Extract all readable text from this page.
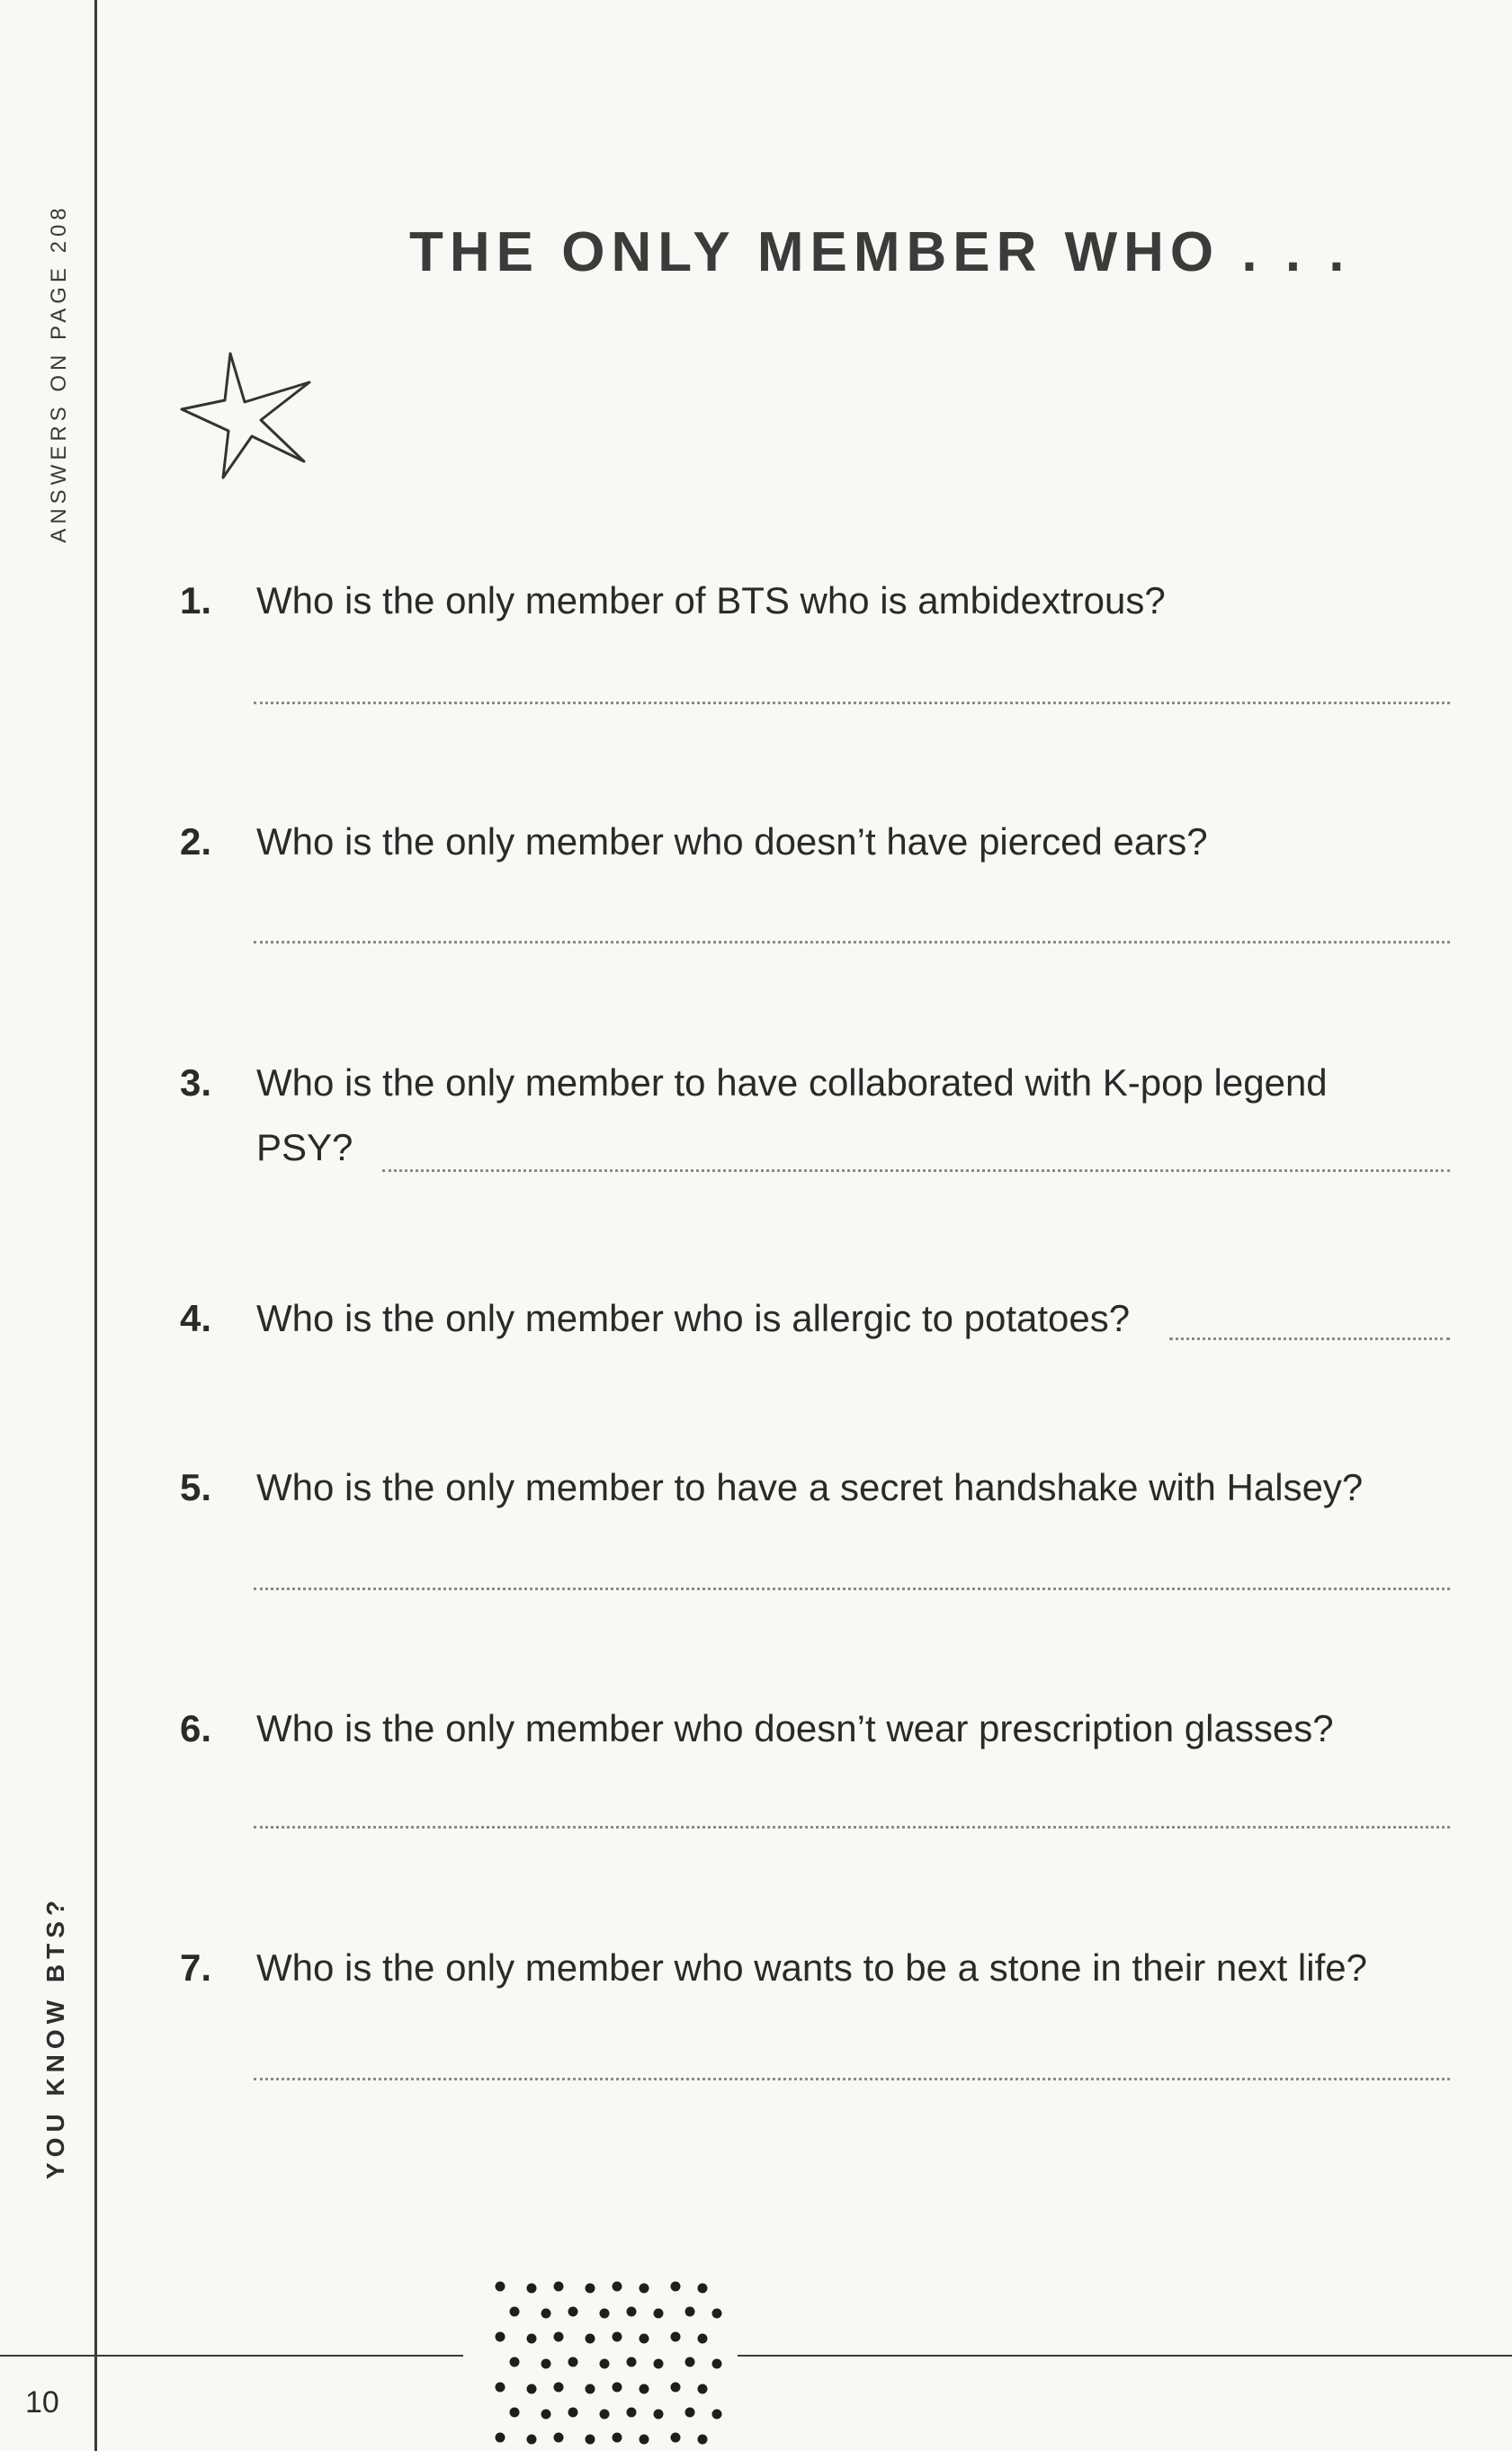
ANSWERS ON PAGE 208
YOU KNOW BTS?
10
THE ONLY MEMBER WHO . . .
1. Who is the only member of BTS who is ambidextrous?
2. Who is the only member who doesn’t have pierced ears?
3. Who is the only member to have collaborated with K-pop legend
PSY?
4. Who is the only member who is allergic to potatoes?
5. Who is the only member to have a secret handshake with Halsey?
6. Who is the only member who doesn’t wear prescription glasses?
7. Who is the only member who wants to be a stone in their next life?
